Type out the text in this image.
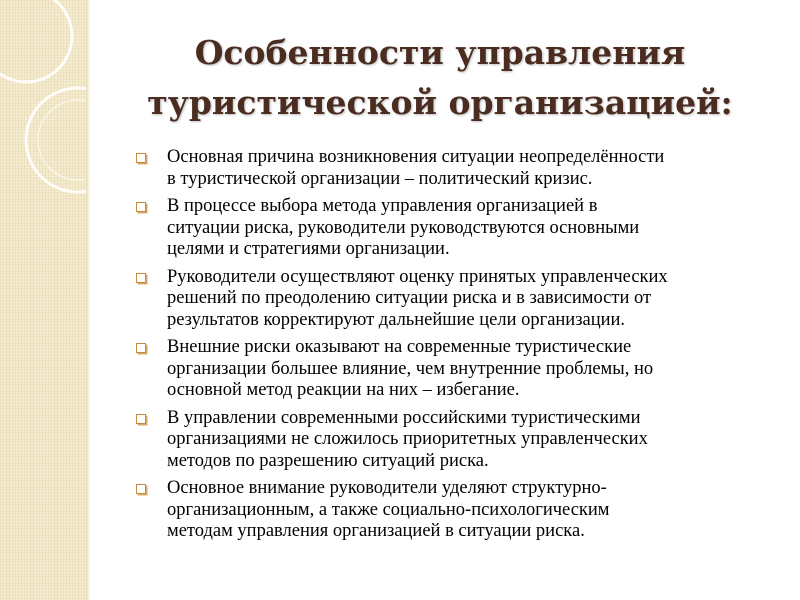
Особенности управления
туристической организацией:
Основная причина возникновения ситуации неопределённости
в туристической организации – политический кризис.
В процессе выбора метода управления организацией в
ситуации риска, руководители руководствуются основными
целями и стратегиями организации.
Руководители осуществляют оценку принятых управленческих
решений по преодолению ситуации риска и в зависимости от
результатов корректируют дальнейшие цели организации.
Внешние риски оказывают на современные туристические
организации большее влияние, чем внутренние проблемы, но
основной метод реакции на них – избегание.
В управлении современными российскими туристическими
организациями не сложилось приоритетных управленческих
методов по разрешению ситуаций риска.
Основное внимание руководители уделяют структурно-
организационным, а также социально-психологическим
методам управления организацией в ситуации риска.
